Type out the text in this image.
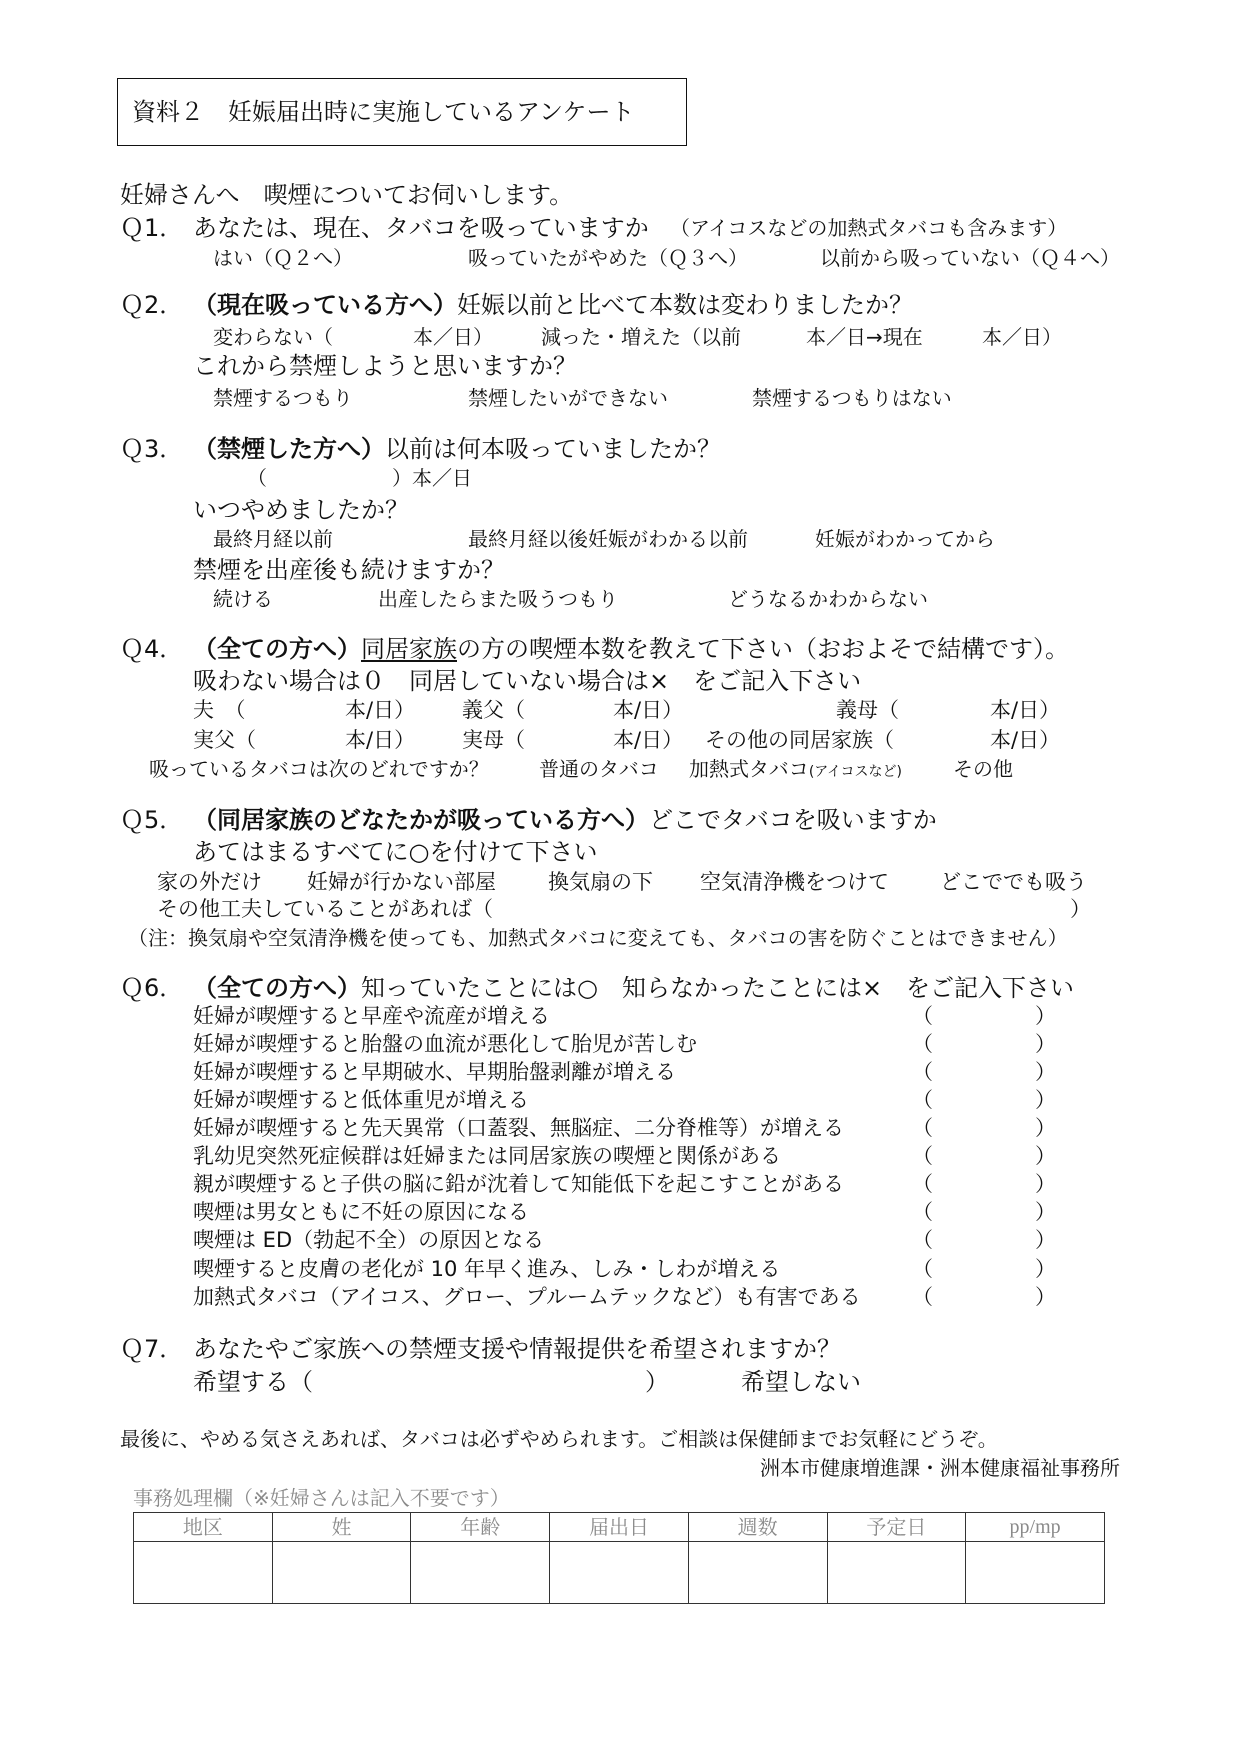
資料２　妊娠届出時に実施しているアンケート
妊婦さんへ　喫煙についてお伺いします。
Ｑ1． あなたは、現在、タバコを吸っていますか （アイコスなどの加熱式タバコも含みます）
はい（Ｑ２へ）	吸っていたがやめた（Ｑ３へ）	以前から吸っていない（Ｑ４へ）
Ｑ2． （現在吸っている方へ）妊娠以前と比べて本数は変わりましたか？
変わらない（	本／日） 減った・増えた（以前	本／日→現在	本／日）
これから禁煙しようと思いますか？
禁煙するつもり	禁煙したいができない	禁煙するつもりはない
Ｑ3． （禁煙した方へ）以前は何本吸っていましたか？
（	）本／日
いつやめましたか？
最終月経以前	最終月経以後妊娠がわかる以前	妊娠がわかってから
禁煙を出産後も続けますか？
続ける	出産したらまた吸うつもり	どうなるかわからない
Ｑ4． （全ての方へ）同居家族の方の喫煙本数を教えて下さい（おおよそで結構です）。
吸わない場合は０　同居していない場合は×　をご記入下さい
夫　（	本/日） 義父（	本/日）	義母（	本/日）
実父（	本/日） 実母（	本/日） その他の同居家族（	本/日）
吸っているタバコは次のどれですか？	普通のタバコ 加熱式タバコ(アイコスなど)	その他
Ｑ5． （同居家族のどなたかが吸っている方へ）どこでタバコを吸いますか
あてはまるすべてに○を付けて下さい
家の外だけ 妊婦が行かない部屋 換気扇の下 空気清浄機をつけて どこででも吸う
その他工夫していることがあれば（	）
（注：換気扇や空気清浄機を使っても、加熱式タバコに変えても、タバコの害を防ぐことはできません）
Ｑ6． （全ての方へ）知っていたことには○　知らなかったことには×　をご記入下さい
妊婦が喫煙すると早産や流産が増える	（	）
妊婦が喫煙すると胎盤の血流が悪化して胎児が苦しむ	（	）
妊婦が喫煙すると早期破水、早期胎盤剥離が増える	（	）
妊婦が喫煙すると低体重児が増える	（	）
妊婦が喫煙すると先天異常（口蓋裂、無脳症、二分脊椎等）が増える	（	）
乳幼児突然死症候群は妊婦または同居家族の喫煙と関係がある	（	）
親が喫煙すると子供の脳に鉛が沈着して知能低下を起こすことがある	（	）
喫煙は男女ともに不妊の原因になる	（	）
喫煙は ED（勃起不全）の原因となる	（	）
喫煙すると皮膚の老化が 10 年早く進み、しみ・しわが増える	（	）
加熱式タバコ（アイコス、グロー、プルームテックなど）も有害である （	）
Ｑ7． あなたやご家族への禁煙支援や情報提供を希望されますか？
希望する（	）	希望しない
最後に、やめる気さえあれば、タバコは必ずやめられます。ご相談は保健師までお気軽にどうぞ。
洲本市健康増進課・洲本健康福祉事務所
事務処理欄（※妊婦さんは記入不要です）
地区	姓	年齢	届出日	週数	予定日	pp/mp
